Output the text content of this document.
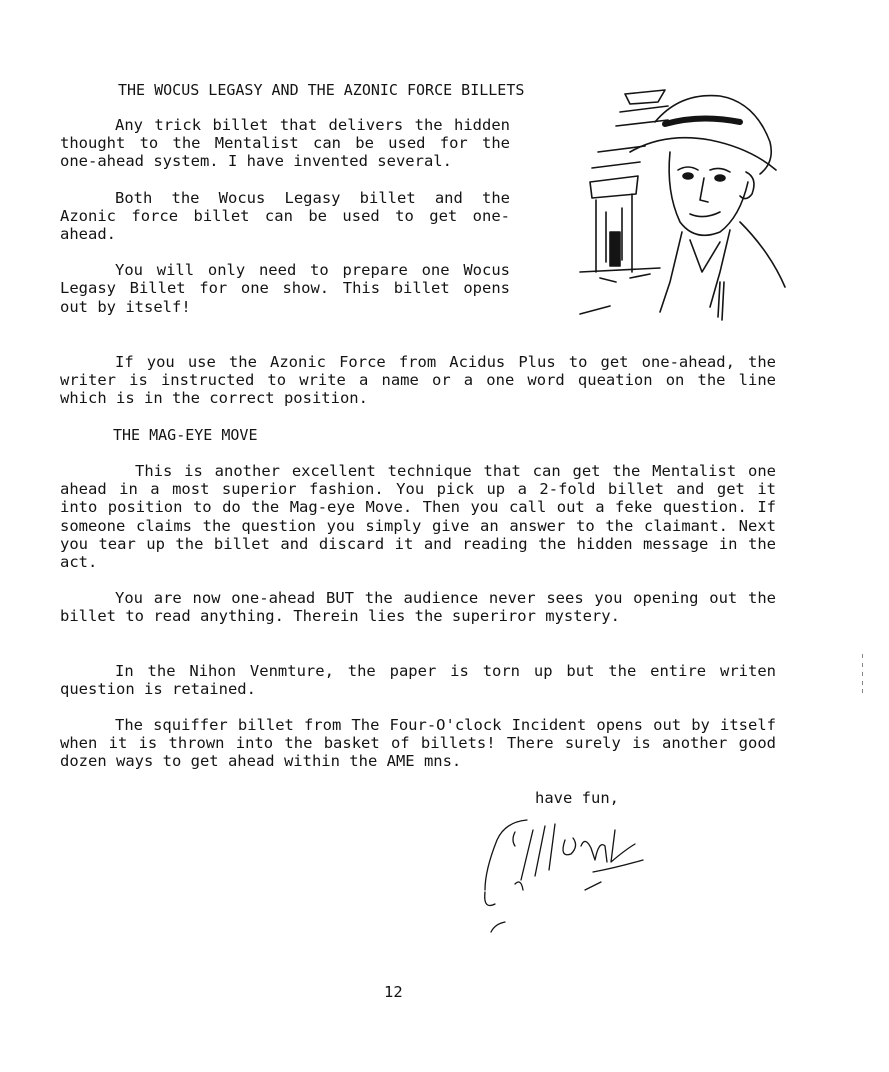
THE WOCUS LEGASY AND THE AZONIC FORCE BILLETS

Any trick billet that delivers the hidden thought to the Mentalist can be used for the one-ahead system. I have invented several.

Both the Wocus Legasy billet and the Azonic force billet can be used to get one-ahead.

You will only need to prepare one Wocus Legasy Billet for one show. This billet opens out by itself!

If you use the Azonic Force from Acidus Plus to get one-ahead, the writer is instructed to write a name or a one word queation on the line which is in the correct position.

THE MAG-EYE MOVE

This is another excellent technique that can get the Mentalist one ahead in a most superior fashion. You pick up a 2-fold billet and get it into position to do the Mag-eye Move. Then you call out a feke question. If someone claims the question you simply give an answer to the claimant. Next you tear up the billet and discard it and reading the hidden message in the act.

You are now one-ahead BUT the audience never sees you opening out the billet to read anything. Therein lies the superiror mystery.

In the Nihon Venmture, the paper is torn up but the entire writen question is retained.

The squiffer billet from The Four-O'clock Incident opens out by itself when it is thrown into the basket of billets! There surely is another good dozen ways to get ahead within the AME mns.

have fun,
12
